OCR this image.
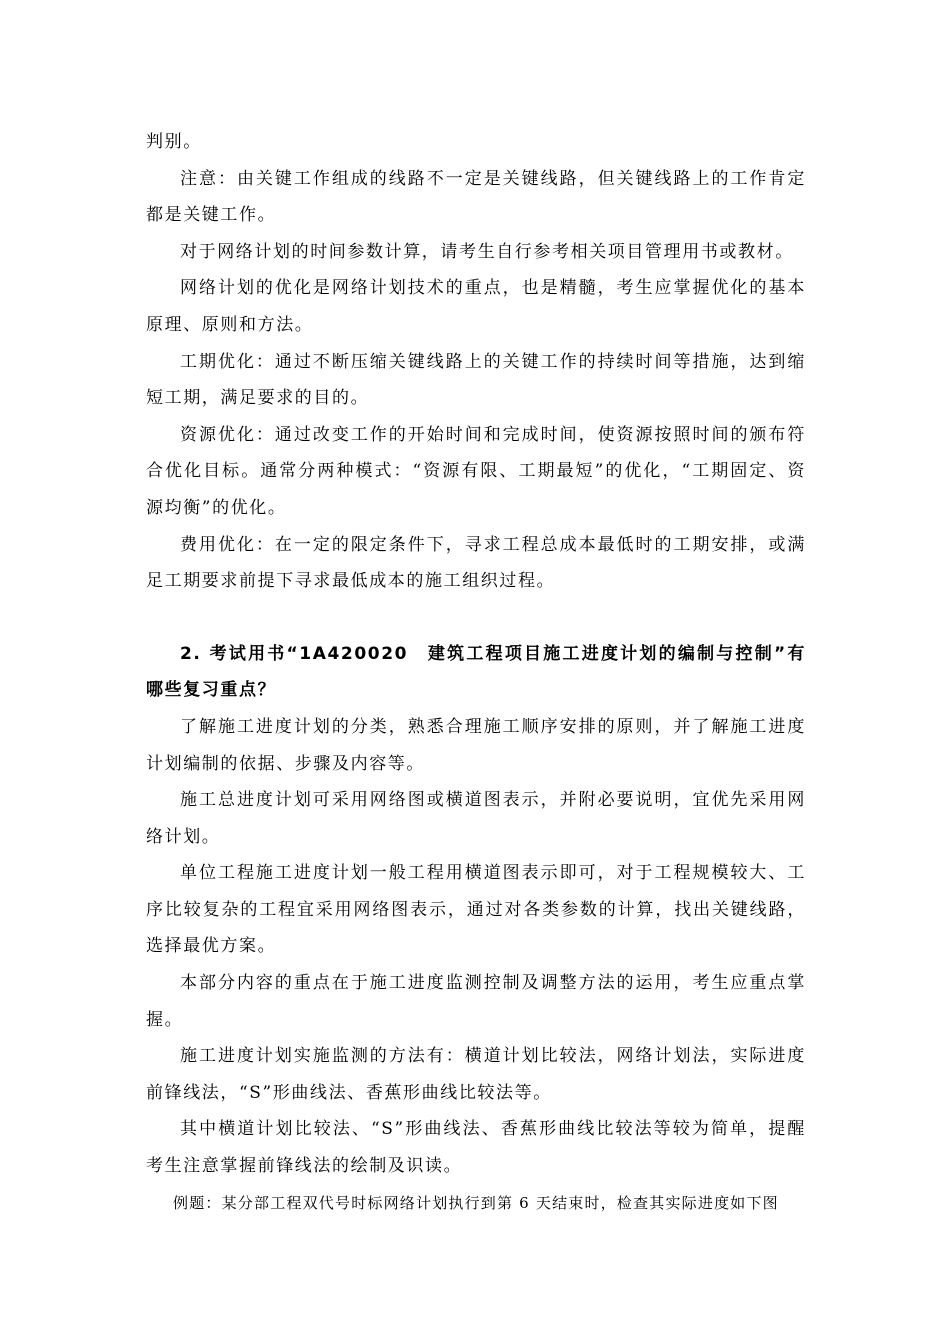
判别。

注意：由关键工作组成的线路不一定是关键线路，但关键线路上的工作肯定都是关键工作。

对于网络计划的时间参数计算，请考生自行参考相关项目管理用书或教材。

网络计划的优化是网络计划技术的重点，也是精髓，考生应掌握优化的基本原理、原则和方法。

工期优化：通过不断压缩关键线路上的关键工作的持续时间等措施，达到缩短工期，满足要求的目的。

资源优化：通过改变工作的开始时间和完成时间，使资源按照时间的颁布符合优化目标。通常分两种模式：“资源有限、工期最短”的优化，“工期固定、资源均衡”的优化。

费用优化：在一定的限定条件下，寻求工程总成本最低时的工期安排，或满足工期要求前提下寻求最低成本的施工组织过程。

2. 考试用书“1A420020　建筑工程项目施工进度计划的编制与控制”有哪些复习重点？

了解施工进度计划的分类，熟悉合理施工顺序安排的原则，并了解施工进度计划编制的依据、步骤及内容等。

施工总进度计划可采用网络图或横道图表示，并附必要说明，宜优先采用网络计划。

单位工程施工进度计划一般工程用横道图表示即可，对于工程规模较大、工序比较复杂的工程宜采用网络图表示，通过对各类参数的计算，找出关键线路，选择最优方案。

本部分内容的重点在于施工进度监测控制及调整方法的运用，考生应重点掌握。

施工进度计划实施监测的方法有：横道计划比较法，网络计划法，实际进度前锋线法，“S”形曲线法、香蕉形曲线比较法等。

其中横道计划比较法、“S”形曲线法、香蕉形曲线比较法等较为简单，提醒考生注意掌握前锋线法的绘制及识读。

例题：某分部工程双代号时标网络计划执行到第 6 天结束时，检查其实际进度如下图
